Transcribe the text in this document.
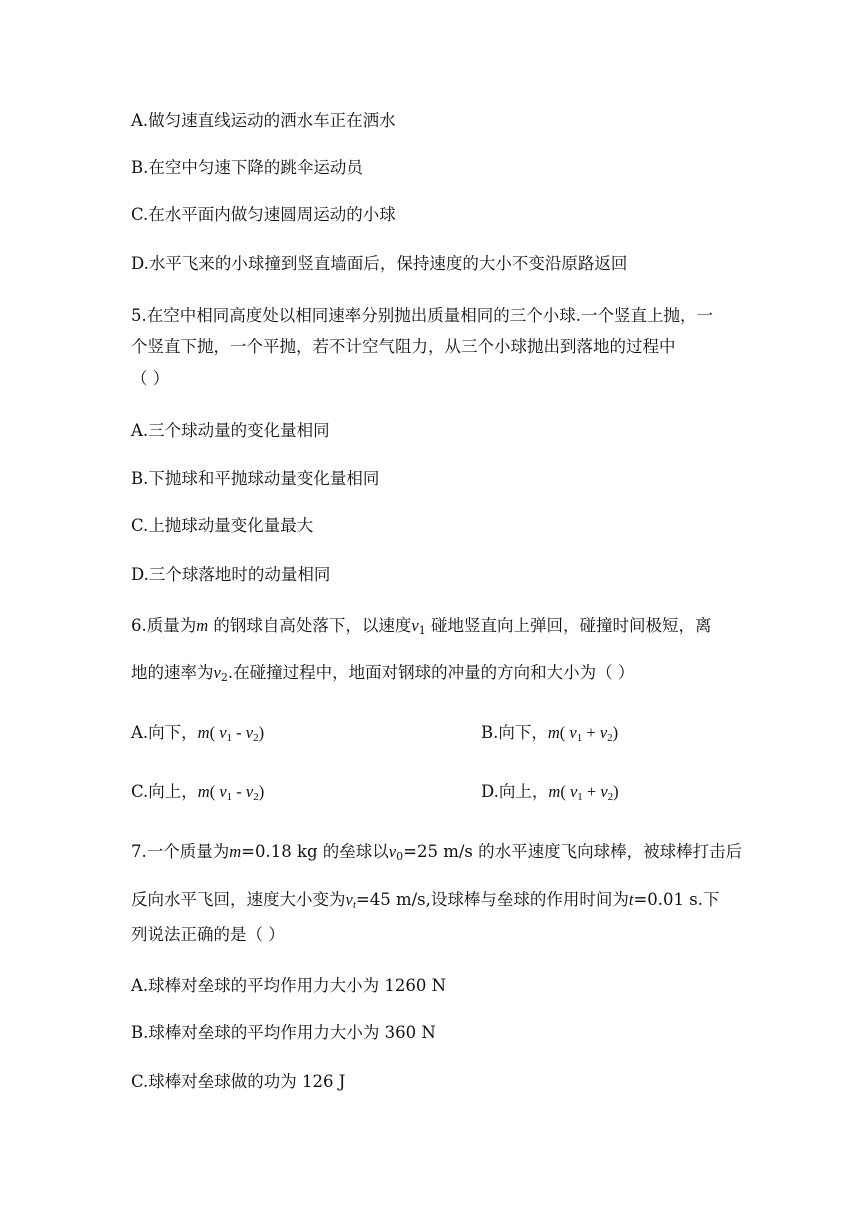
A.做匀速直线运动的洒水车正在洒水
B.在空中匀速下降的跳伞运动员
C.在水平面内做匀速圆周运动的小球
D.水平飞来的小球撞到竖直墙面后，保持速度的大小不变沿原路返回
5.在空中相同高度处以相同速率分别抛出质量相同的三个小球.一个竖直上抛，一
个竖直下抛，一个平抛，若不计空气阻力，从三个小球抛出到落地的过程中
（ ）
A.三个球动量的变化量相同
B.下抛球和平抛球动量变化量相同
C.上抛球动量变化量最大
D.三个球落地时的动量相同
6.质量为m 的钢球自高处落下，以速度$v_1$ 碰地竖直向上弹回，碰撞时间极短，离
地的速率为$v_2$.在碰撞过程中，地面对钢球的冲量的方向和大小为（ ）
A.向下，m( $v_1 - v_2$)	B.向下，m( $v_1 + v_2$)
C.向上，m( $v_1 - v_2$)	D.向上，m( $v_1 + v_2$)
7.一个质量为m=0.18 kg 的垒球以$v_0=25$ m/s 的水平速度飞向球棒，被球棒打击后
反向水平飞回，速度大小变为$v_t=45$ m/s,设球棒与垒球的作用时间为t=0.01 s.下
列说法正确的是（ ）
A.球棒对垒球的平均作用力大小为 1260 N
B.球棒对垒球的平均作用力大小为 360 N
C.球棒对垒球做的功为 126 J
